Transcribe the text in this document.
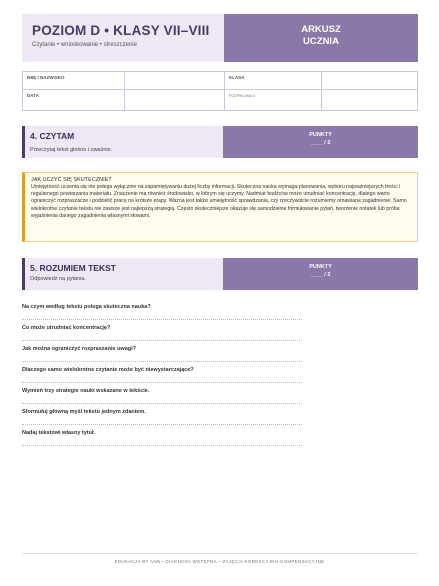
POZIOM D • KLASY VII–VIII
Czytanie • wnioskowanie • streszczenie
ARKUSZ
UCZNIA
IMIĘ I NAZWISKO		KLASA	
DATA		PODPIS/UWAGI	
4. CZYTAM
Przeczytaj tekst głośno i uważnie.
PUNKTY
____ / 2
JAK UCZYĆ SIĘ SKUTECZNIE?
Umiejętność uczenia się nie polega wyłącznie na zapamiętywaniu dużej liczby informacji. Skuteczna nauka wymaga planowania, wyboru najważniejszych treści i regularnego powtarzania materiału. Znaczenie ma również środowisko, w którym się uczymy. Nadmiar bodźców może utrudniać koncentrację, dlatego warto ograniczyć rozpraszacze i podzielić pracę na krótsze etapy. Ważna jest także umiejętność sprawdzania, czy rzeczywiście rozumiemy omawiane zagadnienie. Samo wielokrotne czytanie tekstu nie zawsze jest najlepszą strategią. Często skuteczniejsze okazuje się samodzielne formułowanie pytań, tworzenie notatek lub próba wyjaśnienia danego zagadnienia własnymi słowami.
5. ROZUMIEM TEKST
Odpowiedz na pytania.
PUNKTY
____ / 2
Na czym według tekstu polega skuteczna nauka?
Co może utrudniać koncentrację?
Jak można ograniczyć rozpraszanie uwagi?
Dlaczego samo wielokrotne czytanie może być niewystarczające?
Wymień trzy strategie nauki wskazane w tekście.
Sformułuj główną myśl tekstu jednym zdaniem.
Nadaj tekstowi własny tytuł.
EDUKACJA BY ANN • DIAGNOZA WSTĘPNA – ZAJĘCIA KOREKCYJNO-KOMPENSACYJNE
